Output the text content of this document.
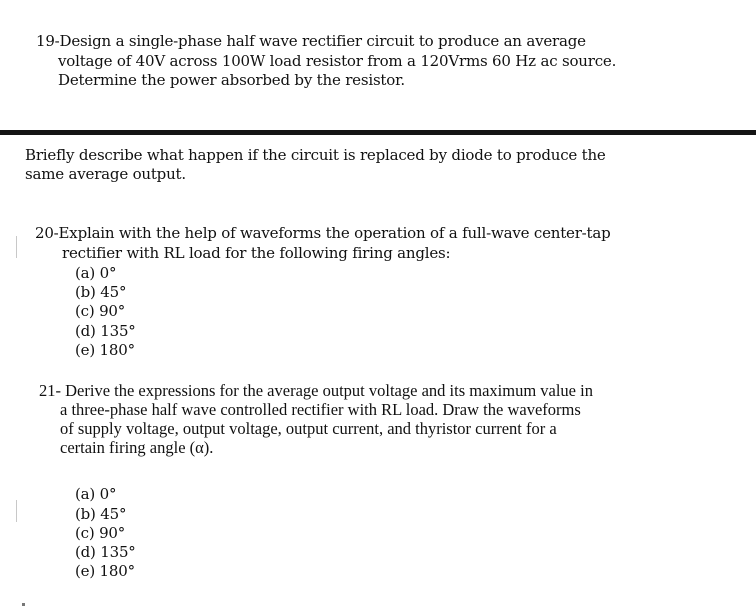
19-Design a single-phase half wave rectifier circuit to produce an average
voltage of 40V across 100W load resistor from a 120Vrms 60 Hz ac source.
Determine the power absorbed by the resistor.
Briefly describe what happen if the circuit is replaced by diode to produce the
same average output.
20-Explain with the help of waveforms the operation of a full-wave center-tap
rectifier with RL load for the following firing angles:
(a) 0°
(b) 45°
(c) 90°
(d) 135°
(e) 180°
21- Derive the expressions for the average output voltage and its maximum value in
a three-phase half wave controlled rectifier with RL load. Draw the waveforms
of supply voltage, output voltage, output current, and thyristor current for a
certain firing angle (α).
(a) 0°
(b) 45°
(c) 90°
(d) 135°
(e) 180°
